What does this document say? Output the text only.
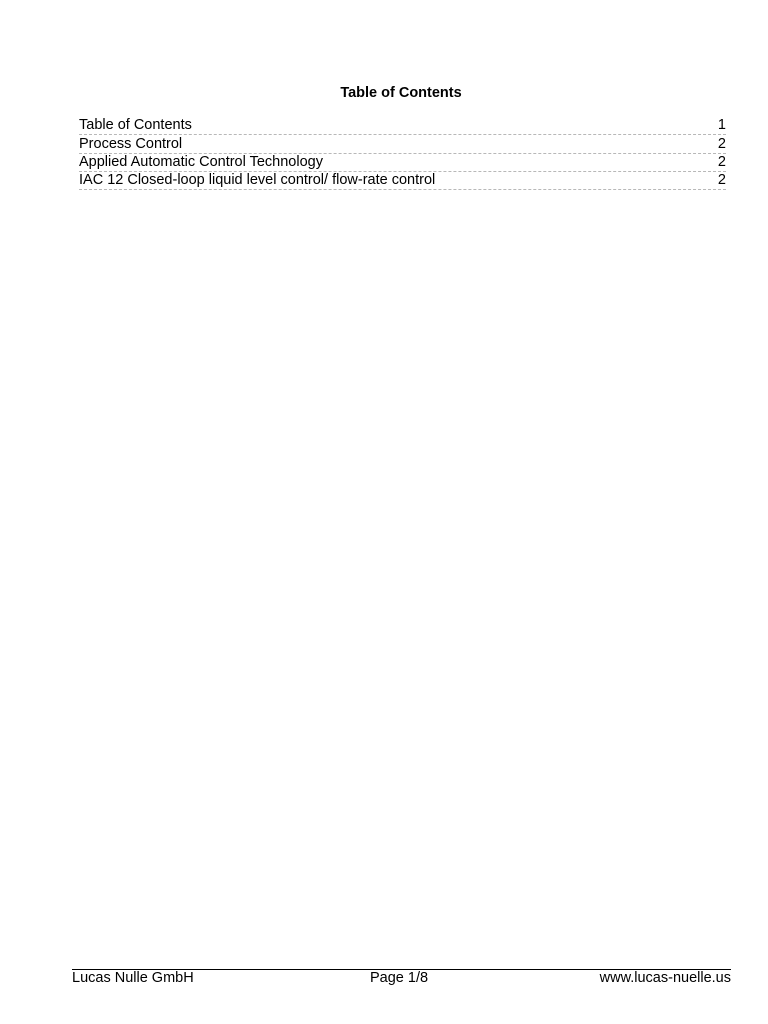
Table of Contents
Table of Contents	1
Process Control	2
Applied Automatic Control Technology	2
IAC 12 Closed-loop liquid level control/ flow-rate control	2
Lucas Nulle GmbH	Page 1/8	www.lucas-nuelle.us
